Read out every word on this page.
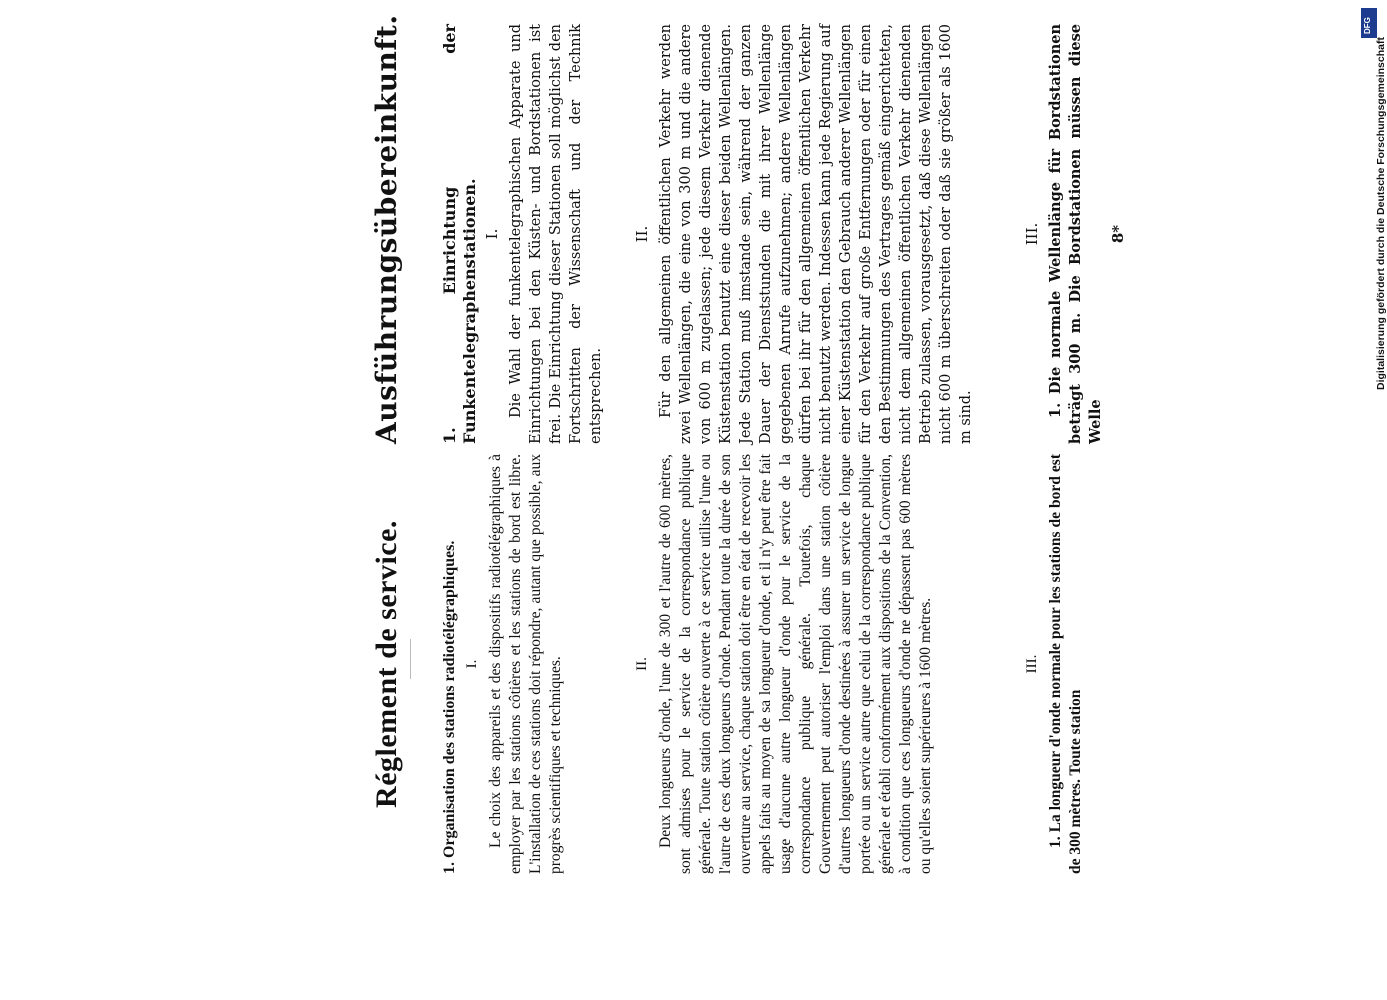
Réglement de service. 1. Organisation des stations radiotélégraphiques. I. Le choix des appareils et des dispositifs radiotélégraphiques à employer par les stations côtières et les stations de bord est libre. L'installation de ces stations doit répondre, autant que possible, aux progrès scientifiques et techniques.	II. Deux longueurs d'onde, l'une de 300 et l'autre de 600 mètres, sont admises pour le service de la correspondance publique générale. Toute station côtière ouverte à ce service utilise l'une ou l'autre de ces deux longueurs d'onde. Pendant toute la durée de son ouverture au service, chaque station doit être en état de recevoir les appels faits au moyen de sa longueur d'onde, et il n'y peut être fait usage d'aucune autre longueur d'onde pour le service de la correspondance publique générale. Toutefois, chaque Gouvernement peut autoriser l'emploi dans une station côtière d'autres longueurs d'onde destinées à assurer un service de longue portée ou un service autre que celui de la correspondance publique générale et établi conformément aux dispositions de la Convention, à condition que ces longueurs d'onde ne dépassent pas 600 mètres ou qu'elles soient supérieures à 1600 mètres.	III. 1. La longueur d'onde normale pour les stations de bord est de 300 mètres. Toute station

Ausführungsübereinkunft. 1. Einrichtung der Funkentelegraphenstationen. I. Die Wahl der funkentelegraphischen Apparate und Einrichtungen bei den Küsten- und Bordstationen ist frei. Die Einrichtung dieser Stationen soll möglichst den Fortschritten der Wissenschaft und der Technik entsprechen.

II. Für den allgemeinen öffentlichen Verkehr werden zwei Wellenlängen, die eine von 300 m und die andere von 600 m zugelassen; jede diesem Verkehr dienende Küstenstation benutzt eine dieser beiden Wellenlängen. Jede Station muß imstande sein, während der ganzen Dauer der Dienststunden die mit ihrer Wellenlänge gegebenen Anrufe aufzunehmen; andere Wellenlängen dürfen bei ihr für den allgemeinen öffentlichen Verkehr nicht benutzt werden. Indessen kann jede Regierung auf einer Küstenstation den Gebrauch anderer Wellenlängen für den Verkehr auf große Entfernungen oder für einen den Bestimmungen des Vertrages gemäß eingerichteten, nicht dem allgemeinen öffentlichen Verkehr dienenden Betrieb zulassen, vorausgesetzt, daß diese Wellenlängen nicht 600 m überschreiten oder daß sie größer als 1600 m sind.

III. 1. Die normale Wellenlänge für Bordstationen beträgt 300 m. Die Bordstationen müssen diese Welle

8*
DFG
Digitalisierung gefördert durch die Deutsche Forschungsgemeinschaft
